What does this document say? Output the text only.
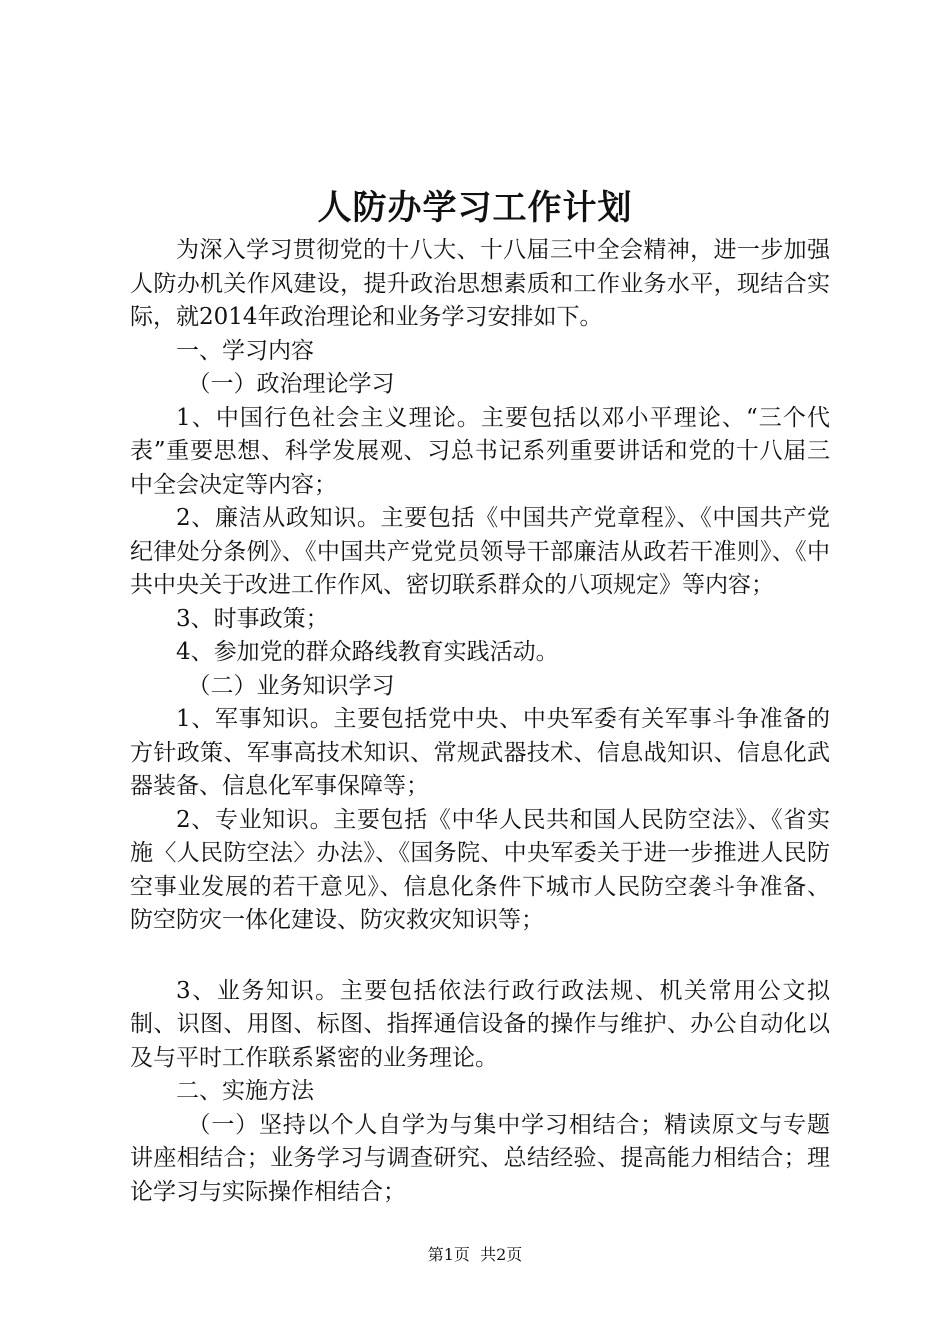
人防办学习工作计划

为深入学习贯彻党的十八大、十八届三中全会精神，进一步加强人防办机关作风建设，提升政治思想素质和工作业务水平，现结合实际，就2014年政治理论和业务学习安排如下。

一、学习内容

（一）政治理论学习

1、中国行色社会主义理论。主要包括以邓小平理论、“三个代表”重要思想、科学发展观、习总书记系列重要讲话和党的十八届三中全会决定等内容；

2、廉洁从政知识。主要包括《中国共产党章程》、《中国共产党纪律处分条例》、《中国共产党党员领导干部廉洁从政若干准则》、《中共中央关于改进工作作风、密切联系群众的八项规定》等内容；

3、时事政策；

4、参加党的群众路线教育实践活动。

（二）业务知识学习

1、军事知识。主要包括党中央、中央军委有关军事斗争准备的方针政策、军事高技术知识、常规武器技术、信息战知识、信息化武器装备、信息化军事保障等；

2、专业知识。主要包括《中华人民共和国人民防空法》、《省实施〈人民防空法〉办法》、《国务院、中央军委关于进一步推进人民防空事业发展的若干意见》、信息化条件下城市人民防空袭斗争准备、防空防灾一体化建设、防灾救灾知识等；

3、业务知识。主要包括依法行政行政法规、机关常用公文拟制、识图、用图、标图、指挥通信设备的操作与维护、办公自动化以及与平时工作联系紧密的业务理论。

二、实施方法

（一）坚持以个人自学为与集中学习相结合；精读原文与专题讲座相结合；业务学习与调查研究、总结经验、提高能力相结合；理论学习与实际操作相结合；

第1页  共2页
